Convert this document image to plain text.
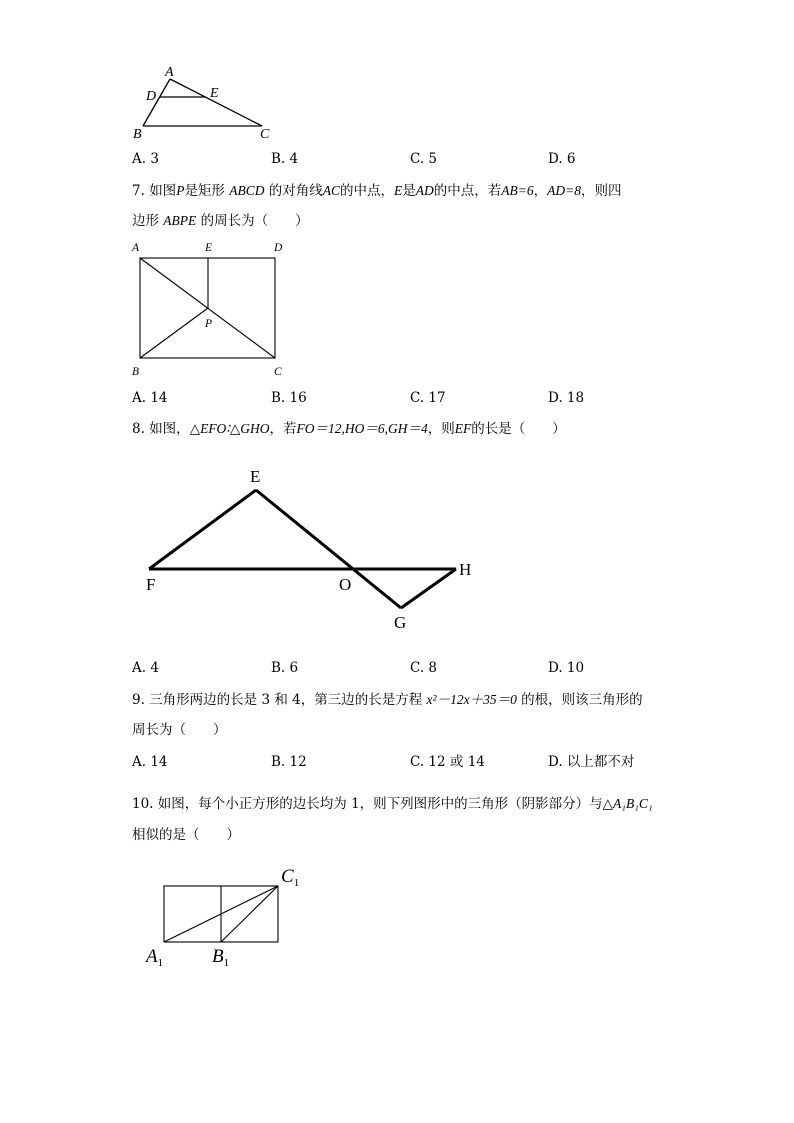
A
D	E
B	C
A. 3	B. 4	C. 5	D. 6
7. 如图P是矩形 ABCD 的对角线AC的中点，E是AD的中点，若AB=6，AD=8，则四
边形 ABPE 的周长为（　　）
A	E	D
P
B	C
A. 14	B. 16	C. 17	D. 18
8. 如图，△EFO∶△GHO，若FO＝12,HO＝6,GH＝4，则EF的长是（　　）
E
F	O
H
G
A. 4	B. 6	C. 8	D. 10
9. 三角形两边的长是 3 和 4，第三边的长是方程 x²－12x＋35＝0 的根，则该三角形的
周长为（　　）
A. 14	B. 12	C. 12 或 14	D. 以上都不对
10. 如图，每个小正方形的边长均为 1，则下列图形中的三角形（阴影部分）与△A₁B₁C₁
相似的是（　　）
$C_1$
$A_1$	$B_1$
